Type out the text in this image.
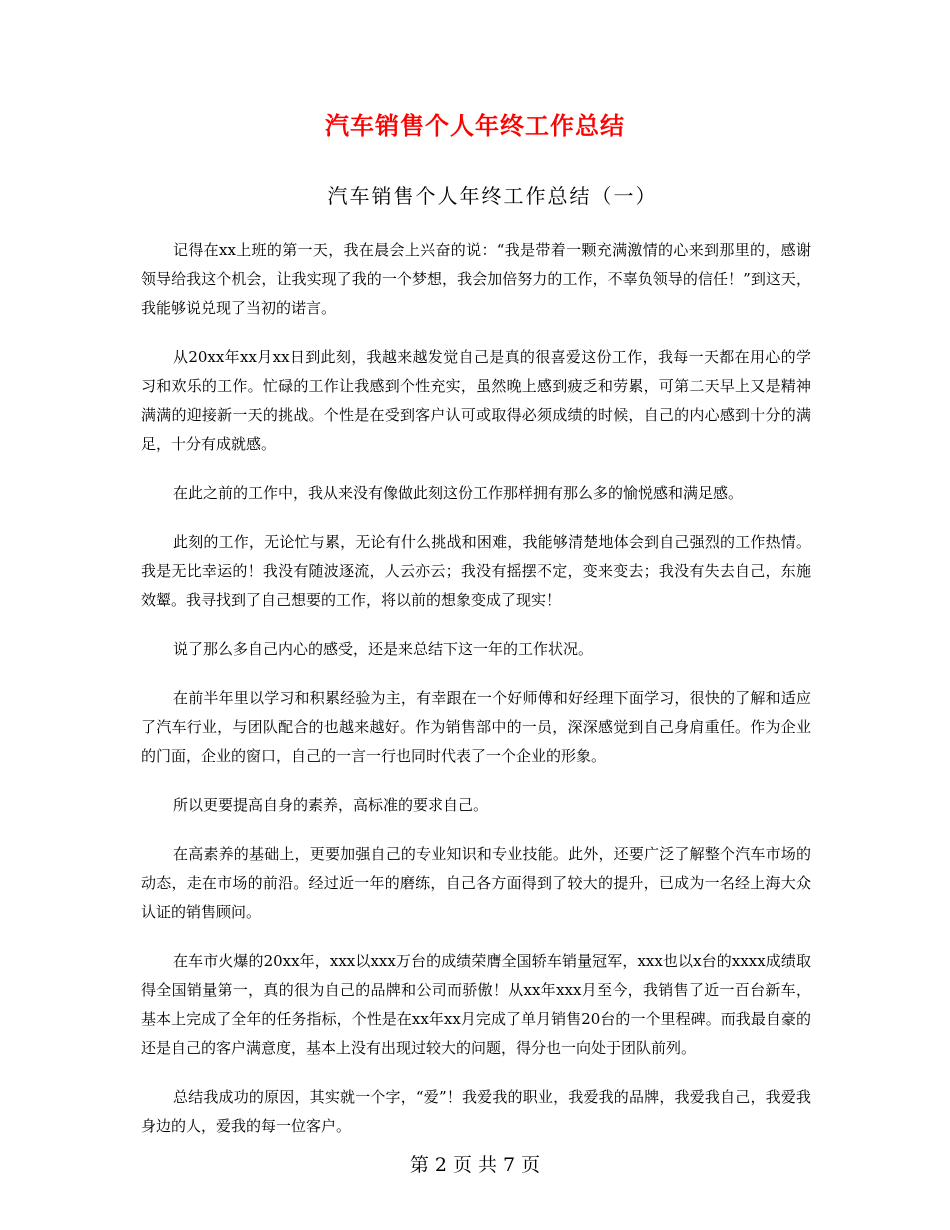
汽车销售个人年终工作总结
汽车销售个人年终工作总结（一）

记得在xx上班的第一天，我在晨会上兴奋的说：“我是带着一颗充满激情的心来到那里的，感谢领导给我这个机会，让我实现了我的一个梦想，我会加倍努力的工作，不辜负领导的信任！”到这天，我能够说兑现了当初的诺言。

从20xx年xx月xx日到此刻，我越来越发觉自己是真的很喜爱这份工作，我每一天都在用心的学习和欢乐的工作。忙碌的工作让我感到个性充实，虽然晚上感到疲乏和劳累，可第二天早上又是精神满满的迎接新一天的挑战。个性是在受到客户认可或取得必须成绩的时候，自己的内心感到十分的满足，十分有成就感。

在此之前的工作中，我从来没有像做此刻这份工作那样拥有那么多的愉悦感和满足感。

此刻的工作，无论忙与累，无论有什么挑战和困难，我能够清楚地体会到自己强烈的工作热情。我是无比幸运的！我没有随波逐流，人云亦云；我没有摇摆不定，变来变去；我没有失去自己，东施效颦。我寻找到了自己想要的工作，将以前的想象变成了现实！

说了那么多自己内心的感受，还是来总结下这一年的工作状况。

在前半年里以学习和积累经验为主，有幸跟在一个好师傅和好经理下面学习，很快的了解和适应了汽车行业，与团队配合的也越来越好。作为销售部中的一员，深深感觉到自己身肩重任。作为企业的门面，企业的窗口，自己的一言一行也同时代表了一个企业的形象。

所以更要提高自身的素养，高标准的要求自己。

在高素养的基础上，更要加强自己的专业知识和专业技能。此外，还要广泛了解整个汽车市场的动态，走在市场的前沿。经过近一年的磨练，自己各方面得到了较大的提升，已成为一名经上海大众认证的销售顾问。

在车市火爆的20xx年，xxx以xxx万台的成绩荣膺全国轿车销量冠军，xxx也以x台的xxxx成绩取得全国销量第一，真的很为自己的品牌和公司而骄傲！从xx年xxx月至今，我销售了近一百台新车，基本上完成了全年的任务指标，个性是在xx年xx月完成了单月销售20台的一个里程碑。而我最自豪的还是自己的客户满意度，基本上没有出现过较大的问题，得分也一向处于团队前列。

总结我成功的原因，其实就一个字，“爱”！我爱我的职业，我爱我的品牌，我爱我自己，我爱我身边的人，爱我的每一位客户。

第 2 页 共 7 页
